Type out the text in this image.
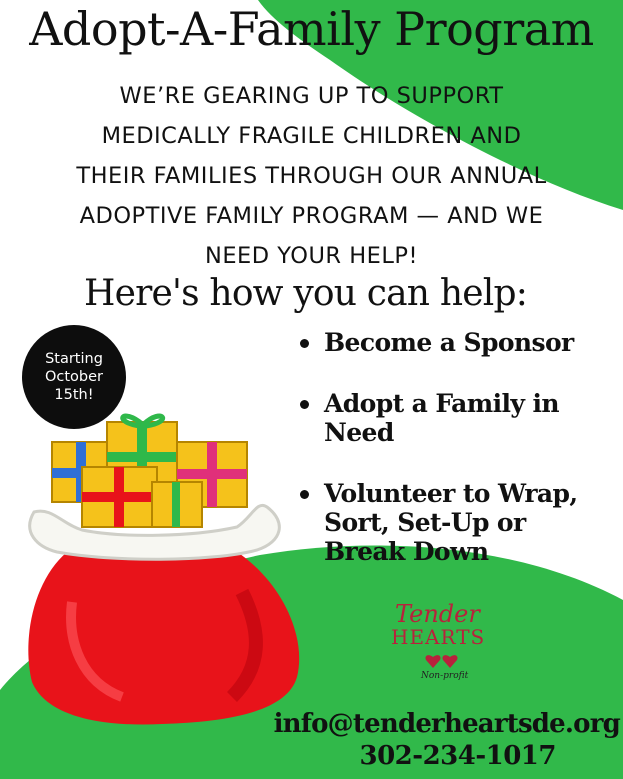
Adopt-A-Family Program
WE’RE GEARING UP TO SUPPORT
MEDICALLY FRAGILE CHILDREN AND
THEIR FAMILIES THROUGH OUR ANNUAL
ADOPTIVE FAMILY PROGRAM — AND WE
NEED YOUR HELP!
Here's how you can help:
Starting
October
15th!
Become a Sponsor
Adopt a Family in
Need
Volunteer to Wrap,
Sort, Set-Up or
Break Down
Tender
HEARTS
Non-profit

info@tenderheartsde.org
302-234-1017
